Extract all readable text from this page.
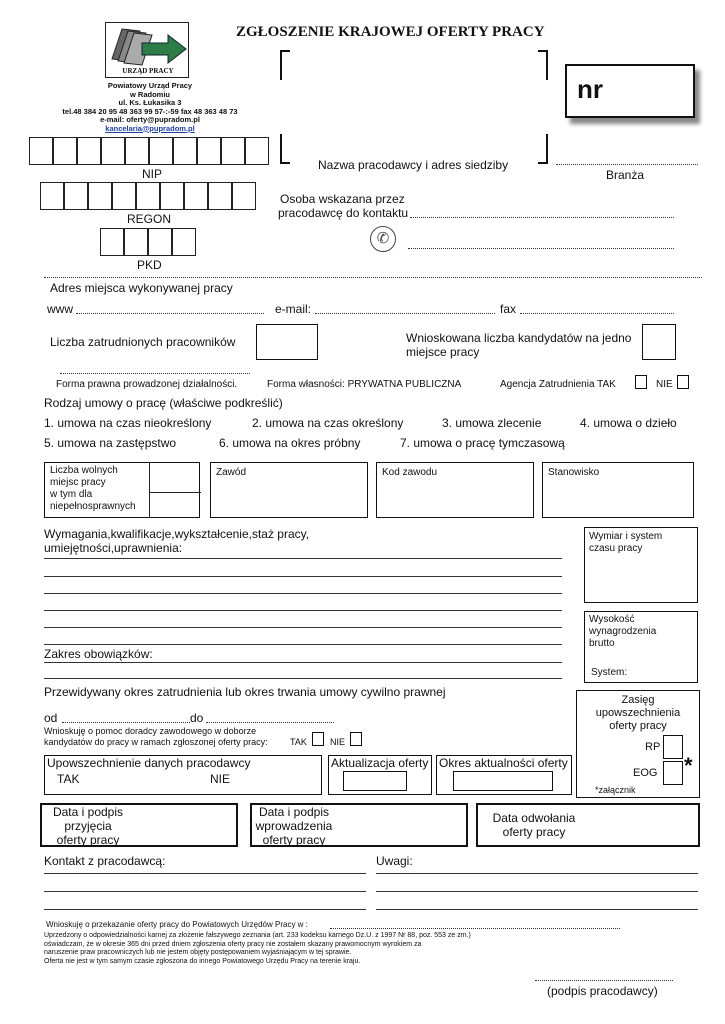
URZĄD PRACY
Powiatowy Urząd Pracy
w Radomiu
ul. Ks. Łukasika 3
tel.48 384 20 95 48 363 99 57-:-59 fax 48 363 48 73
e-mail: oferty@pupradom.pl
kancelaria@pupradom.pl
ZGŁOSZENIE KRAJOWEJ OFERTY PRACY
Nazwa pracodawcy i adres siedziby
nr
Branża
NIP
REGON
PKD
Osoba wskazana przez
pracodawcę do kontaktu
✆
Adres miejsca wykonywanej pracy
www	e-mail:	fax
Liczba zatrudnionych pracowników	Wnioskowana liczba kandydatów na jedno
miejsce pracy
Forma prawna prowadzonej działalności.	Forma własności: PRYWATNA PUBLICZNA	Agencja Zatrudnienia TAK	NIE
Rodzaj umowy o pracę (właściwe podkreślić)
1. umowa na czas nieokreślony	2. umowa na czas określony	3. umowa zlecenie	4. umowa o dzieło
5. umowa na zastępstwo	6. umowa na okres próbny	7. umowa o pracę tymczasową
Liczba wolnych
miejsc pracy
w tym dla
niepełnosprawnych
Zawód	Kod zawodu	Stanowisko
Wymagania,kwalifikacje,wykształcenie,staż pracy,
umiejętności,uprawnienia:
Zakres obowiązków:
Wymiar i system
czasu pracy
Wysokość
wynagrodzenia
brutto
System:
Przewidywany okres zatrudnienia lub okres trwania umowy cywilno prawnej
od	do
Wnioskuję o pomoc doradcy zawodowego w doborze
kandydatów do pracy w ramach zgłoszonej oferty pracy: TAK	NIE
Zasięg
upowszechnienia
oferty pracy
RP
EOG *
*załącznik
Upowszechnienie danych pracodawcy
TAK	NIE
Aktualizacja oferty Okres aktualności oferty
Data i podpis
przyjęcia
oferty pracy
Data i podpis
wprowadzenia
oferty pracy
Data odwołania
oferty pracy
Kontakt z pracodawcą:	Uwagi:
Wnioskuję o przekazanie oferty pracy do Powiatowych Urzędów Pracy w :
Uprzedzony o odpowiedzialności karnej za złożenie fałszywego zeznania (art. 233 kodeksu karnego Dz.U. z 1997 Nr 88, poz. 553 ze zm.)
oświadczam, że w okresie 365 dni przed dniem zgłoszenia oferty pracy nie zostałem skazany prawomocnym wyrokiem za
naruszenie praw pracowniczych lub nie jestem objęty postępowaniem wyjaśniającym w tej sprawie.
Oferta nie jest w tym samym czasie zgłoszona do innego Powiatowego Urzędu Pracy na terenie kraju.
(podpis pracodawcy)
